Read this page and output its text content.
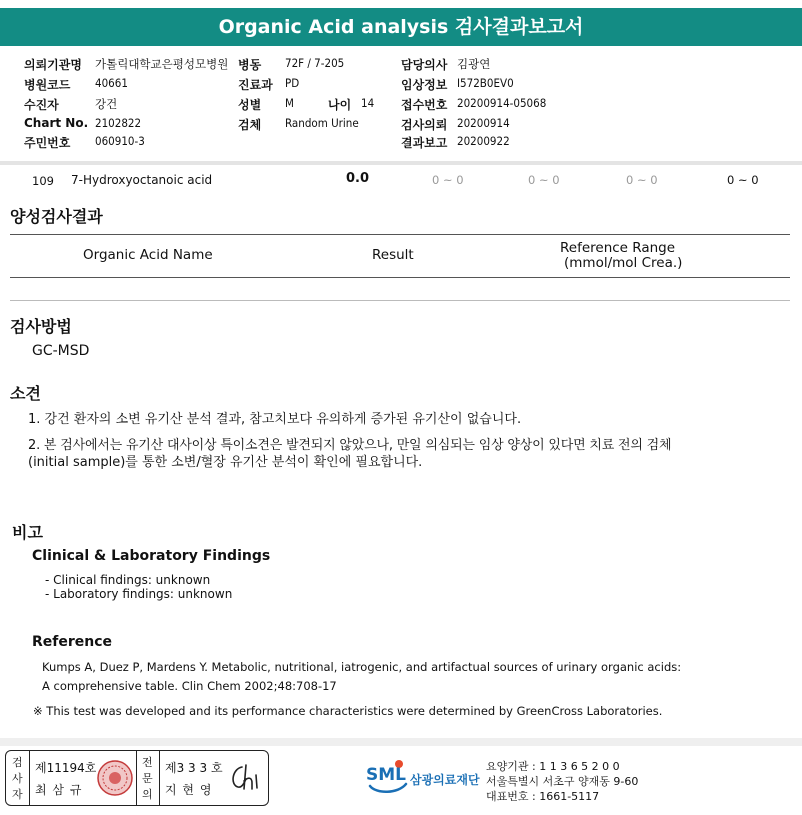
Organic Acid analysis 검사결과보고서
의뢰기관명 가톨릭대학교은평성모병원
병원코드 40661
수진자	강건
Chart No. 2102822
주민번호 060910-3
병동 72F / 7-205
진료과 PD
성별 M	나이 14
검체 Random Urine
담당의사 김광연
임상정보 I572B0EV0
접수번호 20200914-05068
검사의뢰 20200914
결과보고 20200922
109 7-Hydroxyoctanoic acid	0.0	0 ~ 0	0 ~ 0	0 ~ 0	0 ~ 0
양성검사결과
Organic Acid Name	Result	Reference Range
(mmol/mol Crea.)
검사방법
GC-MSD
소견
1. 강건 환자의 소변 유기산 분석 결과, 참고치보다 유의하게 증가된 유기산이 없습니다.
2. 본 검사에서는 유기산 대사이상 특이소견은 발견되지 않았으나, 만일 의심되는 임상 양상이 있다면 치료 전의 검체
(initial sample)를 통한 소변/혈장 유기산 분석이 확인에 필요합니다.
비고
Clinical & Laboratory Findings
- Clinical findings: unknown
- Laboratory findings: unknown
Reference
Kumps A, Duez P, Mardens Y. Metabolic, nutritional, iatrogenic, and artifactual sources of urinary organic acids:
A comprehensive table. Clin Chem 2002;48:708-17
※ This test was developed and its performance characteristics were determined by GreenCross Laboratories.
검
사
자
제11194호
최 삼 규
전
문
의
제3 3 3 호
지 현 영
SML 삼광의료재단
요양기관 : 1 1 3 6 5 2 0 0
서울특별시 서초구 양재동 9-60
대표번호 : 1661-5117
